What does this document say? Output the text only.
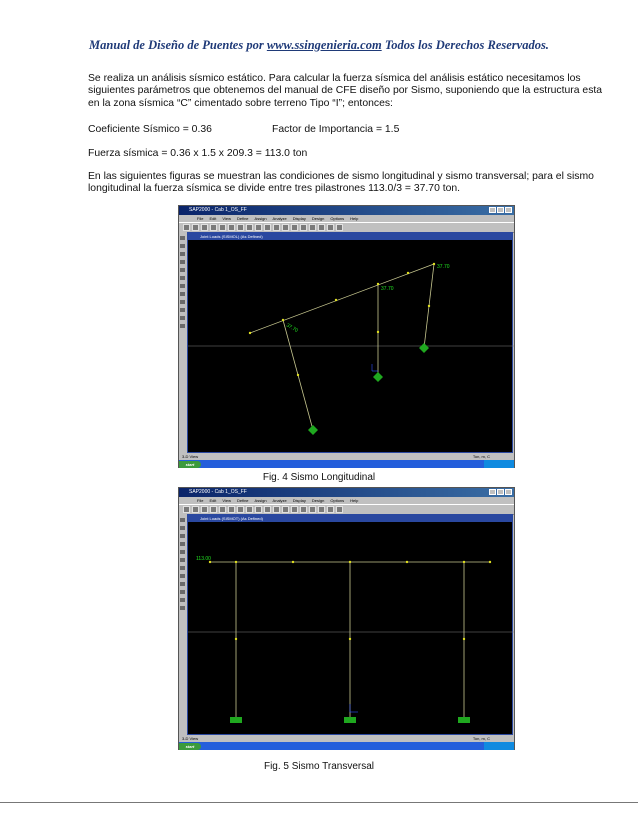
Manual de Diseño de Puentes por www.ssingenieria.com Todos los Derechos Reservados.
Se realiza un análisis sísmico estático. Para calcular la fuerza sísmica del análisis estático necesitamos los siguientes parámetros que obtenemos del manual de CFE diseño por Sismo, suponiendo que la estructura esta en la zona sísmica “C” cimentado sobre terreno Tipo “I”; entonces:
Coeficiente Sísmico = 0.36	Factor de Importancia = 1.5
Fuerza sísmica = 0.36 x 1.5 x 209.3 = 113.0 ton
En las siguientes figuras se muestran las condiciones de sismo longitudinal y sismo transversal; para el sismo longitudinal la fuerza sísmica se divide entre tres pilastrones 113.0/3 = 37.70 ton.
SAP2000 - Cab 1_OS_FF
File Edit View Define Assign Analyze Display Design Options Help
Joint Loads (SISMOL) (As Defined)
37.70
37.70
37.70
3-D View	Ton, m, C
start
Fig. 4 Sismo Longitudinal
SAP2000 - Cab 1_OS_FF
File Edit View Define Assign Analyze Display Design Options Help
Joint Loads (SISMOT) (As Defined)
113.00
3-D View	Ton, m, C
start
Fig. 5 Sismo Transversal
